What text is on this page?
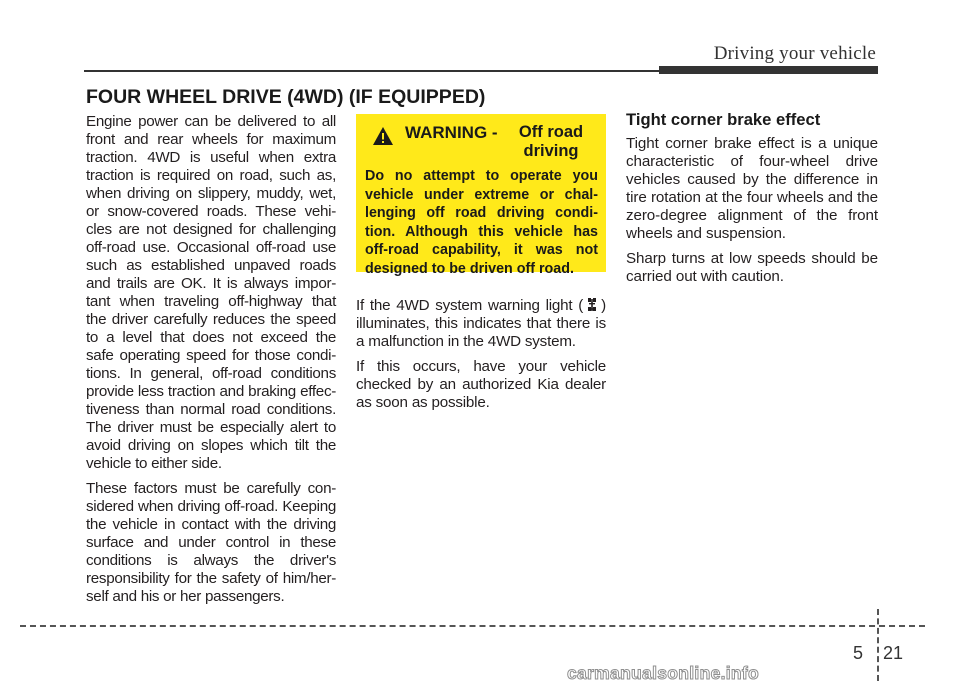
Driving your vehicle
FOUR WHEEL DRIVE (4WD) (IF EQUIPPED)

Engine power can be delivered to all front and rear wheels for maximum traction. 4WD is useful when extra traction is required on road, such as, when driving on slippery, muddy, wet, or snow-covered roads. These vehi-cles are not designed for challenging off-road use. Occasional off-road use such as established unpaved roads and trails are OK. It is always impor-tant when traveling off-highway that the driver carefully reduces the speed to a level that does not exceed the safe operating speed for those condi-tions. In general, off-road conditions provide less traction and braking effec-tiveness than normal road conditions. The driver must be especially alert to avoid driving on slopes which tilt the vehicle to either side.

These factors must be carefully con-sidered when driving off-road. Keeping the vehicle in contact with the driving surface and under control in these conditions is always the driver's responsibility for the safety of him/her-self and his or her passengers.

WARNING -	Off road driving
Do no attempt to operate you vehicle under extreme or chal-lenging off road driving condi-tion. Although this vehicle has off-road capability, it was not designed to be driven off road.

If the 4WD system warning light ( ) illuminates, this indicates that there is a malfunction in the 4WD system.

If this occurs, have your vehicle checked by an authorized Kia dealer as soon as possible.

Tight corner brake effect

Tight corner brake effect is a unique characteristic of four-wheel drive vehicles caused by the difference in tire rotation at the four wheels and the zero-degree alignment of the front wheels and suspension.

Sharp turns at low speeds should be carried out with caution.

5 21
carmanualsonline.info
